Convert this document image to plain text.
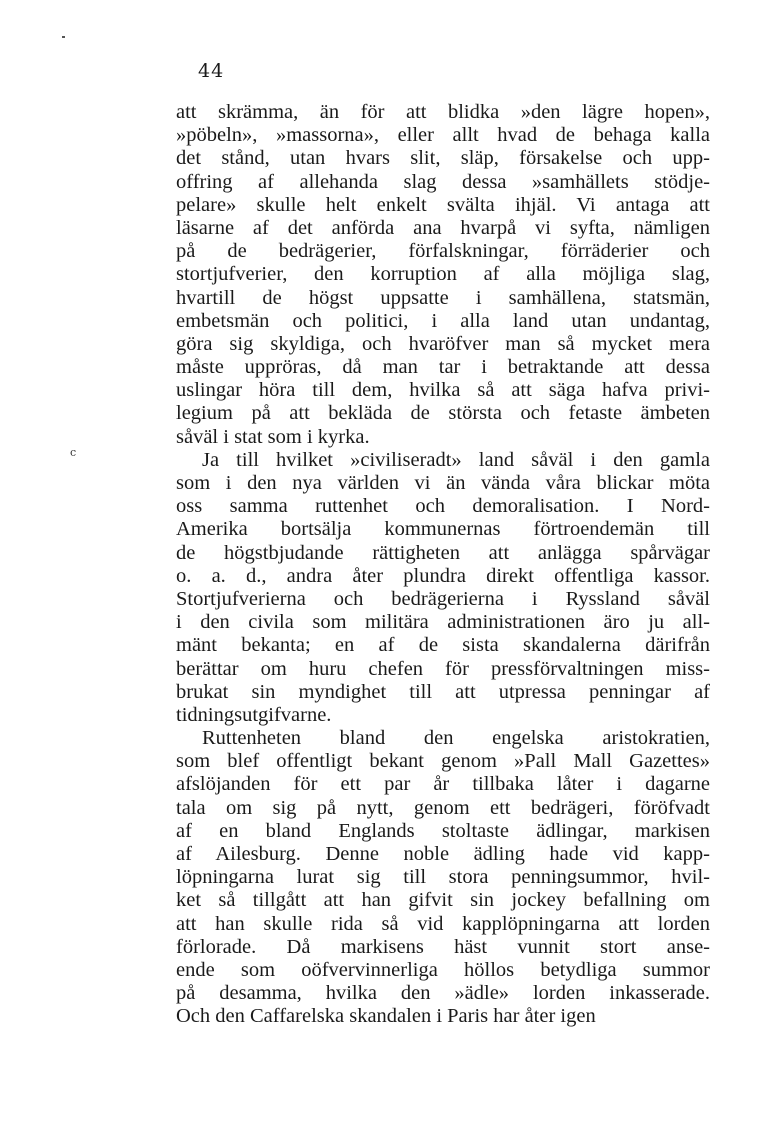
44
c
att skrämma, än för att blidka »den lägre hopen»,
»pöbeln», »massorna», eller allt hvad de behaga kalla
det stånd, utan hvars slit, släp, försakelse och upp-
offring af allehanda slag dessa »samhällets stödje-
pelare» skulle helt enkelt svälta ihjäl. Vi antaga att
läsarne af det anförda ana hvarpå vi syfta, nämligen
på de bedrägerier, förfalskningar, förräderier och
stortjufverier, den korruption af alla möjliga slag,
hvartill de högst uppsatte i samhällena, statsmän,
embetsmän och politici, i alla land utan undantag,
göra sig skyldiga, och hvaröfver man så mycket mera
måste uppröras, då man tar i betraktande att dessa
uslingar höra till dem, hvilka så att säga hafva privi-
legium på att bekläda de största och fetaste ämbeten
såväl i stat som i kyrka.
Ja till hvilket »civiliseradt» land såväl i den gamla
som i den nya världen vi än vända våra blickar möta
oss samma ruttenhet och demoralisation. I Nord-
Amerika bortsälja kommunernas förtroendemän till
de högstbjudande rättigheten att anlägga spårvägar
o. a. d., andra åter plundra direkt offentliga kassor.
Stortjufverierna och bedrägerierna i Ryssland såväl
i den civila som militära administrationen äro ju all-
mänt bekanta; en af de sista skandalerna därifrån
berättar om huru chefen för pressförvaltningen miss-
brukat sin myndighet till att utpressa penningar af
tidningsutgifvarne.
Ruttenheten bland den engelska aristokratien,
som blef offentligt bekant genom »Pall Mall Gazettes»
afslöjanden för ett par år tillbaka låter i dagarne
tala om sig på nytt, genom ett bedrägeri, föröfvadt
af en bland Englands stoltaste ädlingar, markisen
af Ailesburg. Denne noble ädling hade vid kapp-
löpningarna lurat sig till stora penningsummor, hvil-
ket så tillgått att han gifvit sin jockey befallning om
att han skulle rida så vid kapplöpningarna att lorden
förlorade. Då markisens häst vunnit stort anse-
ende som oöfvervinnerliga höllos betydliga summor
på desamma, hvilka den »ädle» lorden inkasserade.
Och den Caffarelska skandalen i Paris har åter igen
